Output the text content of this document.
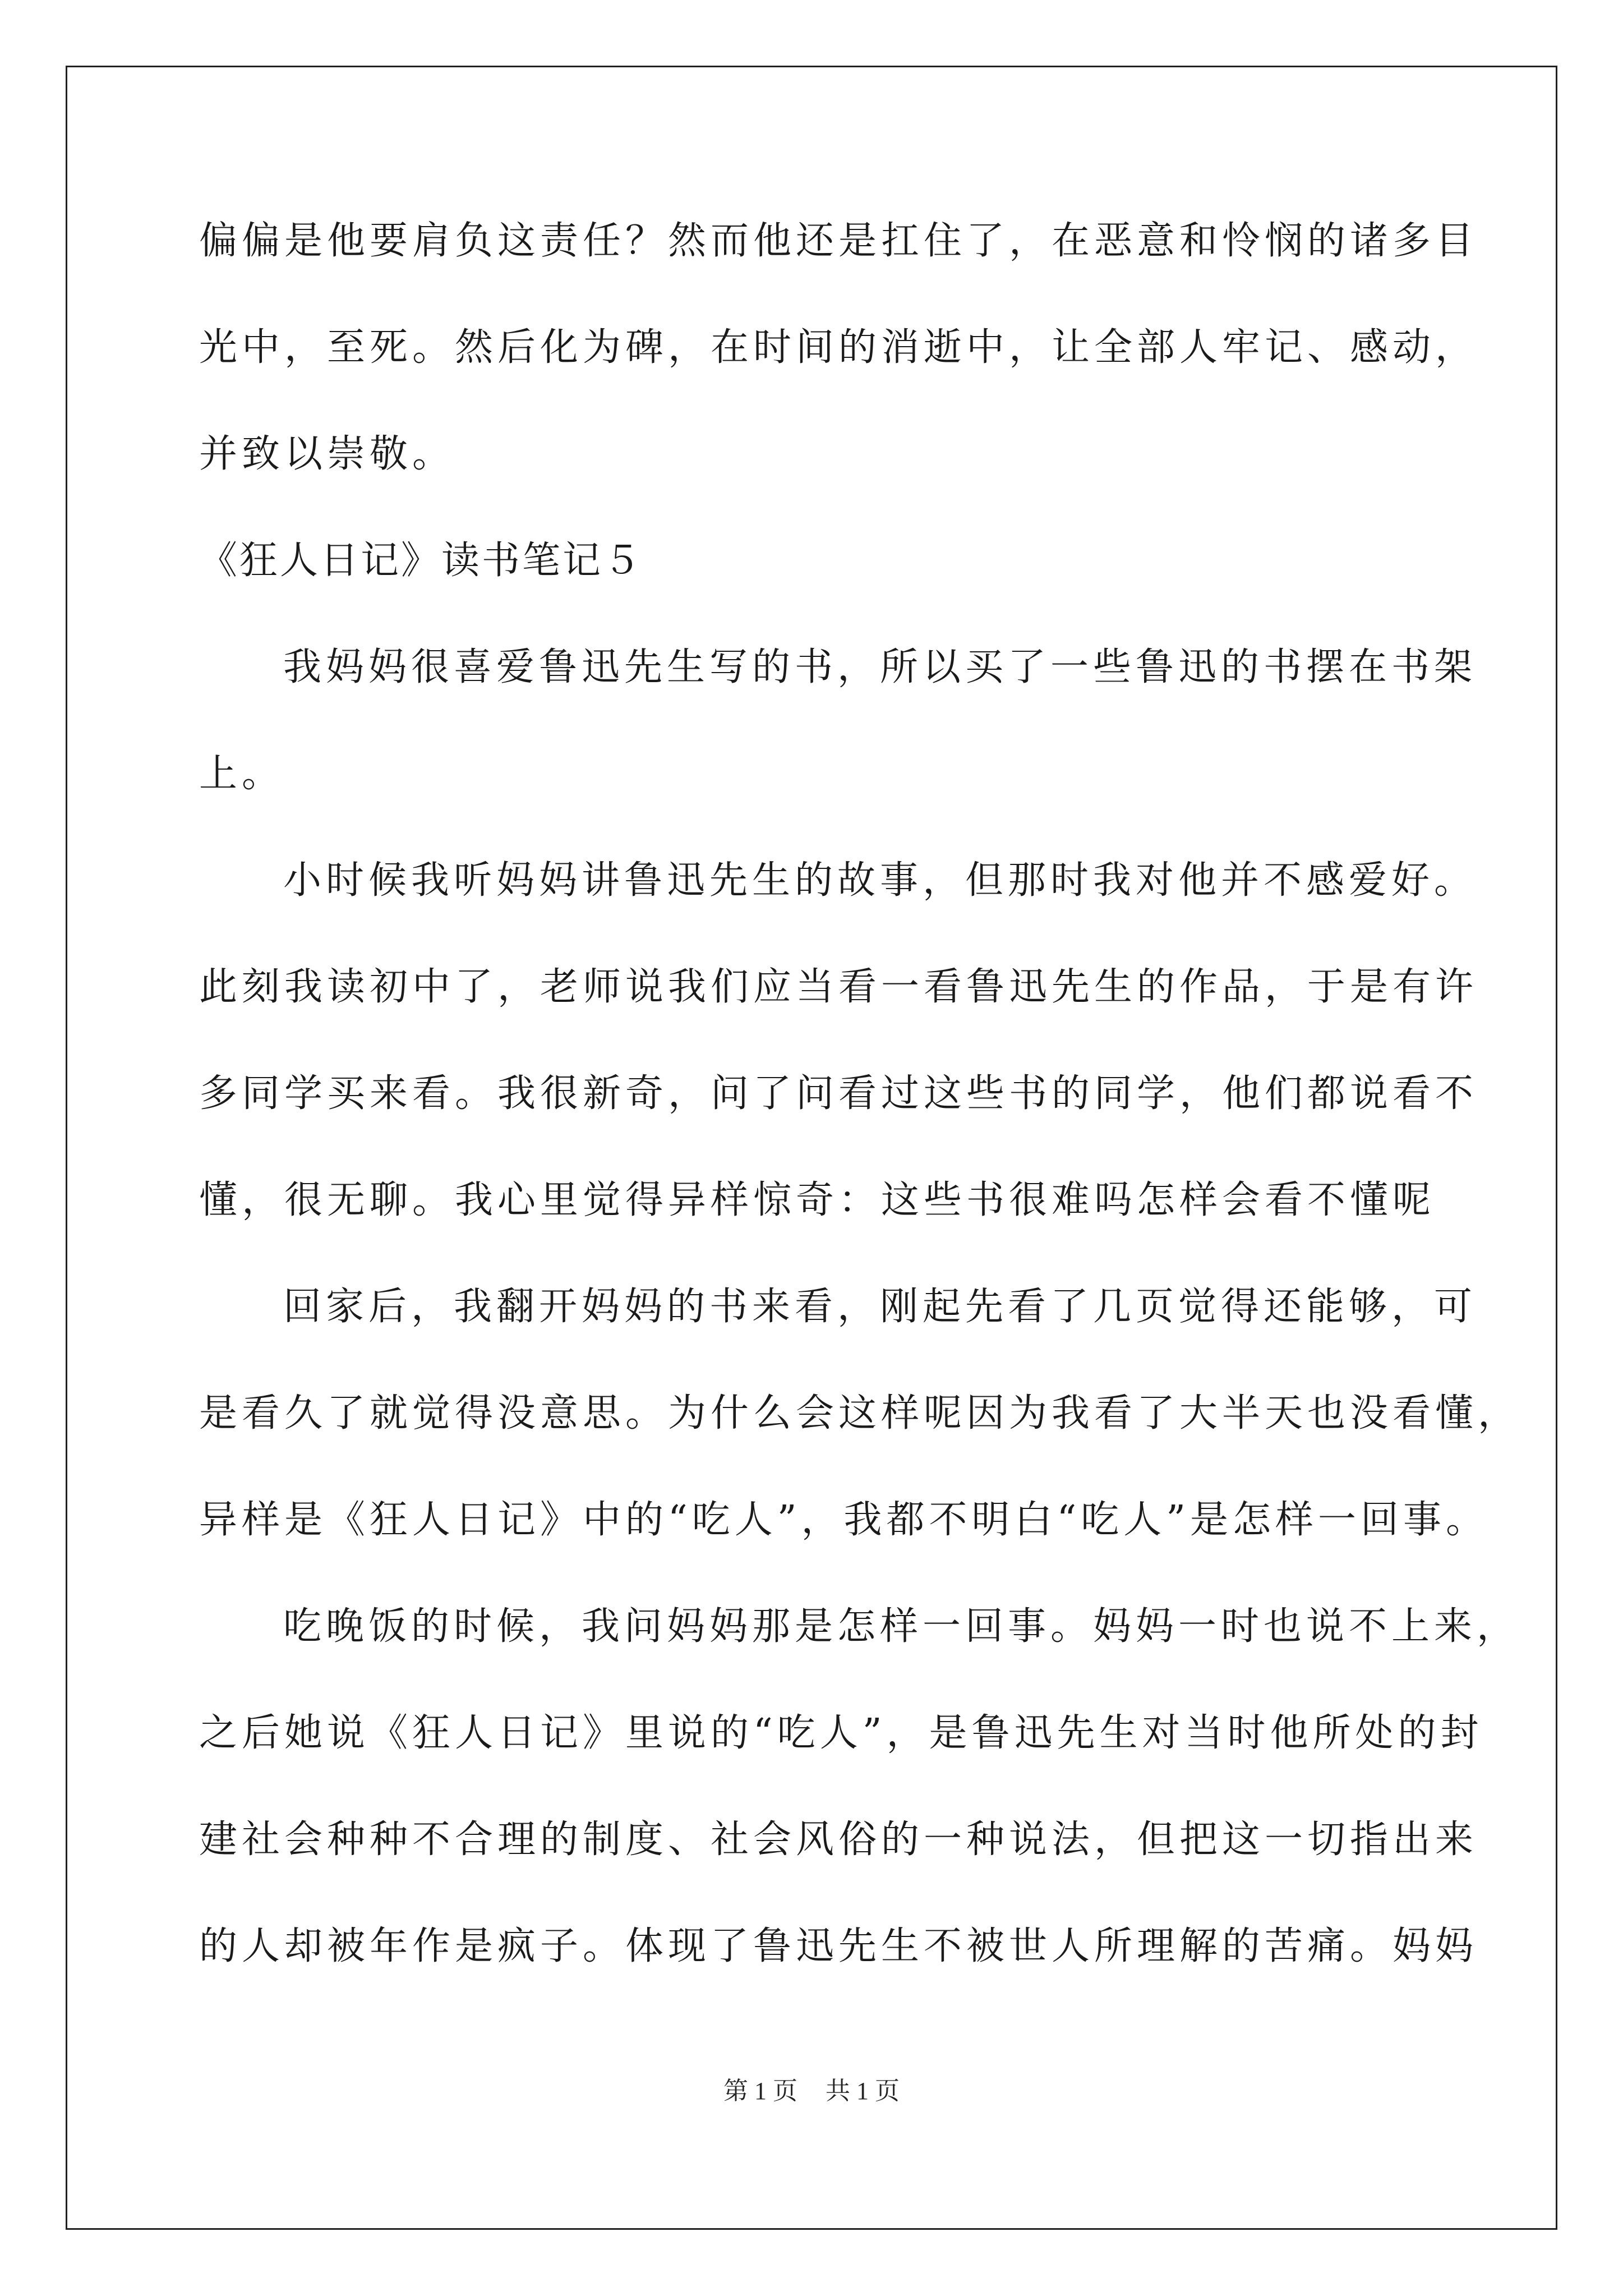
偏偏是他要肩负这责任？然而他还是扛住了，在恶意和怜悯的诸多目
光中，至死。然后化为碑，在时间的消逝中，让全部人牢记、感动，
并致以崇敬。
《狂人日记》读书笔记５
我妈妈很喜爱鲁迅先生写的书，所以买了一些鲁迅的书摆在书架
上。
小时候我听妈妈讲鲁迅先生的故事，但那时我对他并不感爱好。
此刻我读初中了，老师说我们应当看一看鲁迅先生的作品，于是有许
多同学买来看。我很新奇，问了问看过这些书的同学，他们都说看不
懂，很无聊。我心里觉得异样惊奇：这些书很难吗怎样会看不懂呢
回家后，我翻开妈妈的书来看，刚起先看了几页觉得还能够，可
是看久了就觉得没意思。为什么会这样呢因为我看了大半天也没看懂，
异样是《狂人日记》中的“吃人”，我都不明白“吃人”是怎样一回事。
吃晚饭的时候，我问妈妈那是怎样一回事。妈妈一时也说不上来，
之后她说《狂人日记》里说的“吃人”，是鲁迅先生对当时他所处的封
建社会种种不合理的制度、社会风俗的一种说法，但把这一切指出来
的人却被年作是疯子。体现了鲁迅先生不被世人所理解的苦痛。妈妈
第 1 页 共 1 页
